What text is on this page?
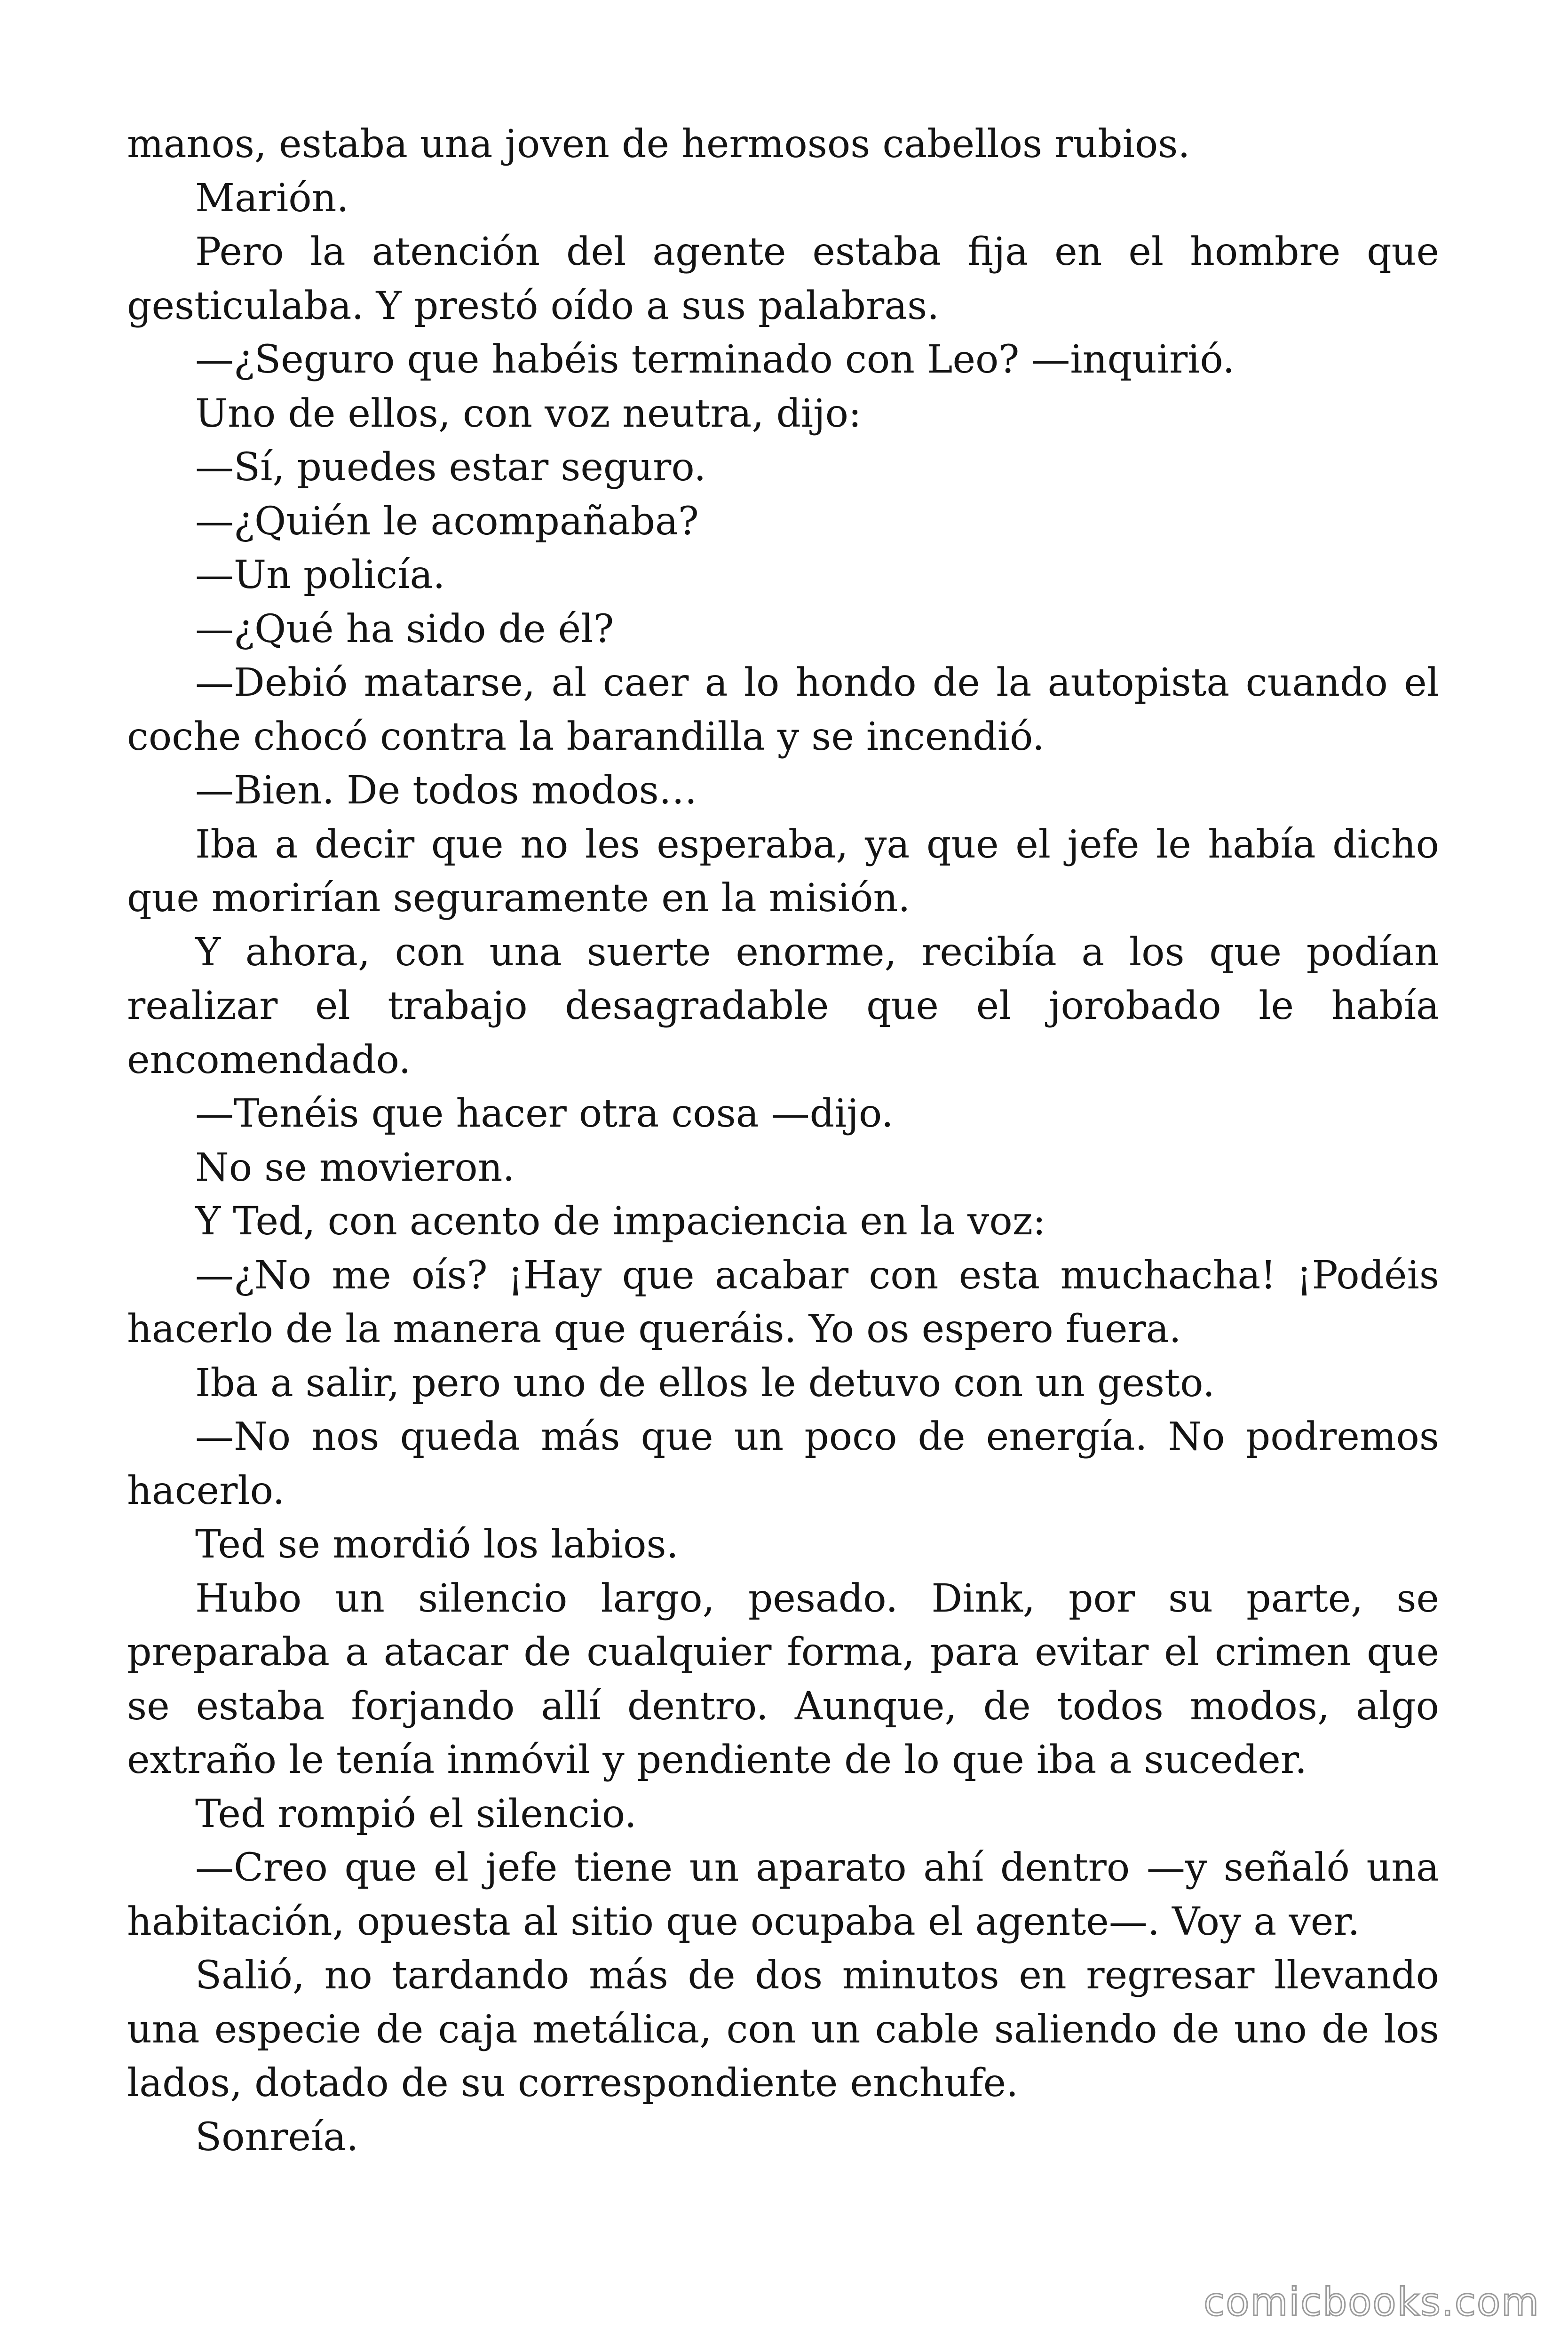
manos, estaba una joven de hermosos cabellos rubios.

Marión.

Pero la atención del agente estaba fija en el hombre que gesticulaba. Y prestó oído a sus palabras.

—¿Seguro que habéis terminado con Leo? —inquirió.

Uno de ellos, con voz neutra, dijo:

—Sí, puedes estar seguro.

—¿Quién le acompañaba?

—Un policía.

—¿Qué ha sido de él?

—Debió matarse, al caer a lo hondo de la autopista cuando el coche chocó contra la barandilla y se incendió.

—Bien. De todos modos…

Iba a decir que no les esperaba, ya que el jefe le había dicho que morirían seguramente en la misión.

Y ahora, con una suerte enorme, recibía a los que podían realizar el trabajo desagradable que el jorobado le había encomendado.

—Tenéis que hacer otra cosa —dijo.

No se movieron.

Y Ted, con acento de impaciencia en la voz:

—¿No me oís? ¡Hay que acabar con esta muchacha! ¡Podéis hacerlo de la manera que queráis. Yo os espero fuera.

Iba a salir, pero uno de ellos le detuvo con un gesto.

—No nos queda más que un poco de energía. No podremos hacerlo.

Ted se mordió los labios.

Hubo un silencio largo, pesado. Dink, por su parte, se preparaba a atacar de cualquier forma, para evitar el crimen que se estaba forjando allí dentro. Aunque, de todos modos, algo extraño le tenía inmóvil y pendiente de lo que iba a suceder.

Ted rompió el silencio.

—Creo que el jefe tiene un aparato ahí dentro —y señaló una habitación, opuesta al sitio que ocupaba el agente—. Voy a ver.

Salió, no tardando más de dos minutos en regresar llevando una especie de caja metálica, con un cable saliendo de uno de los lados, dotado de su correspondiente enchufe.

Sonreía.

comicbooks.com
